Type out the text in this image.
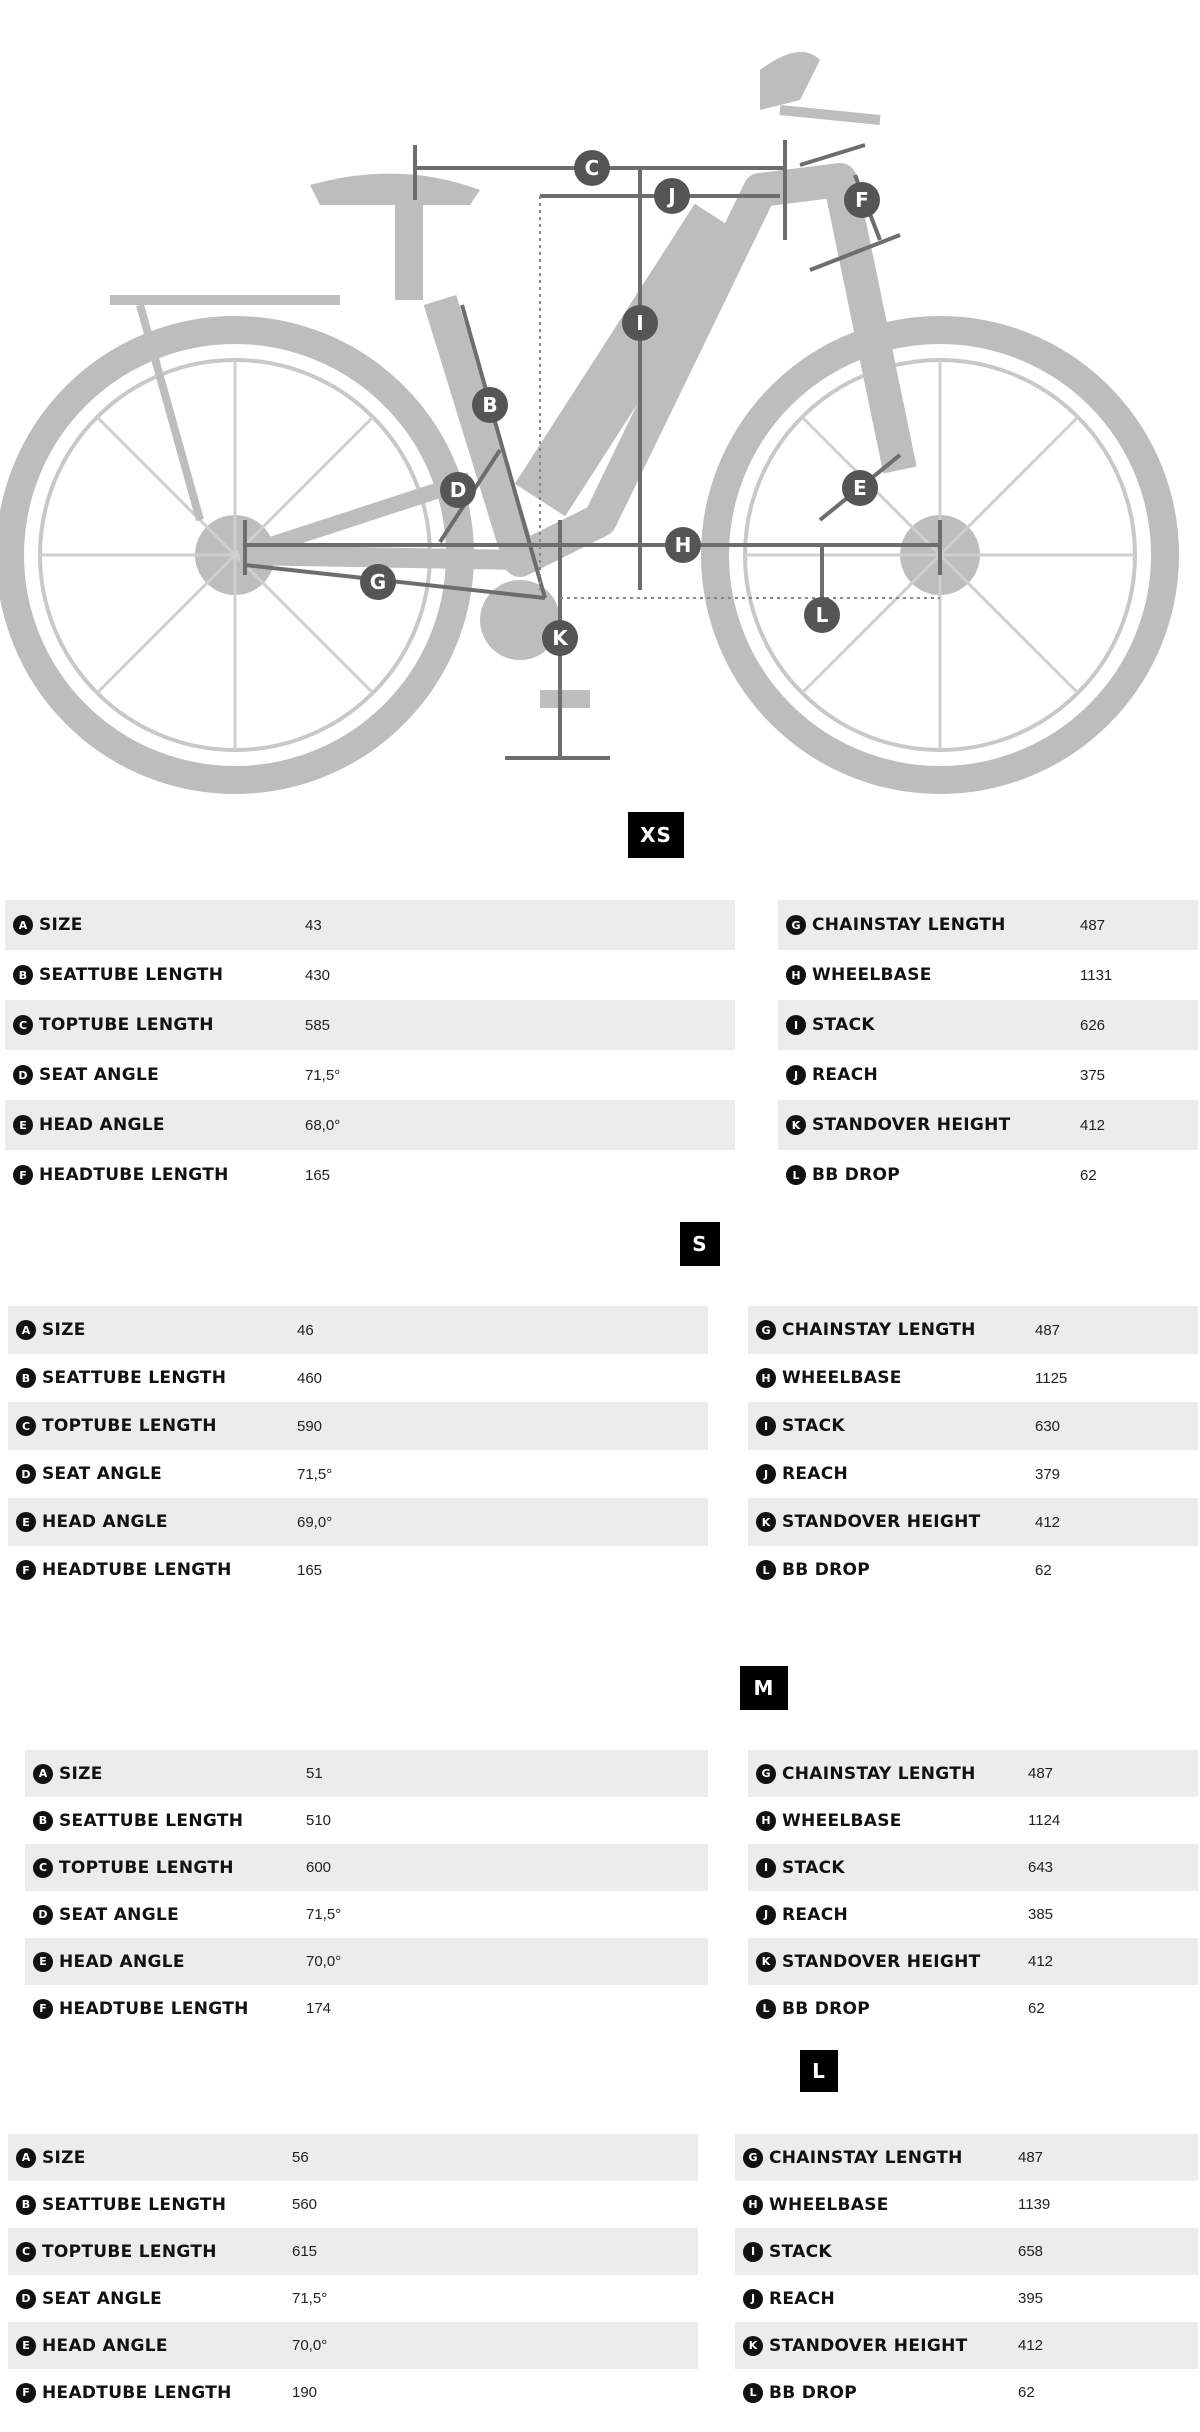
B
C
D	E
F
G
H
I
J
K
L
XS
A SIZE	43
B SEATTUBE LENGTH	430
C TOPTUBE LENGTH	585
D SEAT ANGLE	71,5°
E HEAD ANGLE	68,0°
F HEADTUBE LENGTH	165
G CHAINSTAY LENGTH	487
H WHEELBASE	1131
I STACK	626
J REACH	375
K STANDOVER HEIGHT	412
L BB DROP	62
S
A SIZE	46
B SEATTUBE LENGTH	460
C TOPTUBE LENGTH	590
D SEAT ANGLE	71,5°
E HEAD ANGLE	69,0°
F HEADTUBE LENGTH	165
G CHAINSTAY LENGTH	487
H WHEELBASE	1125
I STACK	630
J REACH	379
K STANDOVER HEIGHT	412
L BB DROP	62
M
A SIZE	51
B SEATTUBE LENGTH	510
C TOPTUBE LENGTH	600
D SEAT ANGLE	71,5°
E HEAD ANGLE	70,0°
F HEADTUBE LENGTH	174
G CHAINSTAY LENGTH	487
H WHEELBASE	1124
I STACK	643
J REACH	385
K STANDOVER HEIGHT	412
L BB DROP	62
L
A SIZE	56
B SEATTUBE LENGTH	560
C TOPTUBE LENGTH	615
D SEAT ANGLE	71,5°
E HEAD ANGLE	70,0°
F HEADTUBE LENGTH	190
G CHAINSTAY LENGTH	487
H WHEELBASE	1139
I STACK	658
J REACH	395
K STANDOVER HEIGHT	412
L BB DROP	62
